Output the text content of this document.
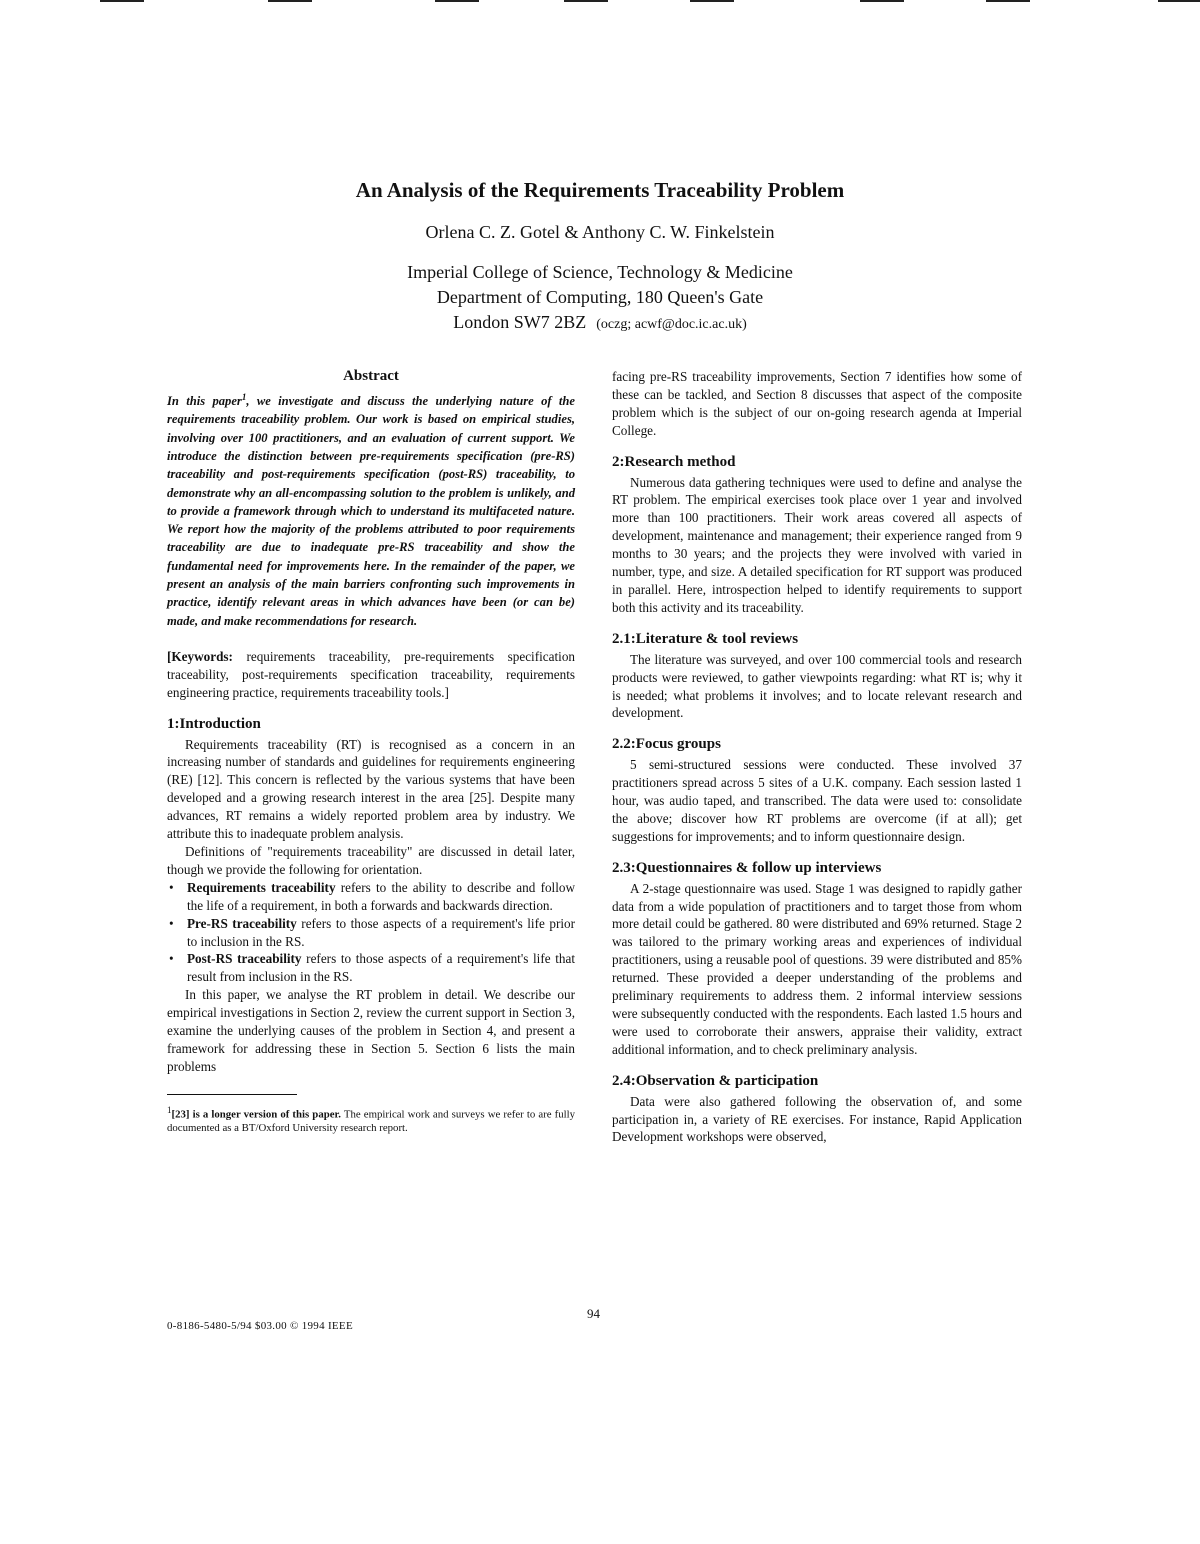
An Analysis of the Requirements Traceability Problem
Orlena C. Z. Gotel & Anthony C. W. Finkelstein
Imperial College of Science, Technology & Medicine
Department of Computing, 180 Queen's Gate
London SW7 2BZ (oczg; acwf@doc.ic.ac.uk)
Abstract

In this paper$^1$, we investigate and discuss the underlying nature of the requirements traceability problem. Our work is based on empirical studies, involving over 100 practitioners, and an evaluation of current support. We introduce the distinction between pre-requirements specification (pre-RS) traceability and post-requirements specification (post-RS) traceability, to demonstrate why an all-encompassing solution to the problem is unlikely, and to provide a framework through which to understand its multifaceted nature. We report how the majority of the problems attributed to poor requirements traceability are due to inadequate pre-RS traceability and show the fundamental need for improvements here. In the remainder of the paper, we present an analysis of the main barriers confronting such improvements in practice, identify relevant areas in which advances have been (or can be) made, and make recommendations for research.

[Keywords: requirements traceability, pre-requirements specification traceability, post-requirements specification traceability, requirements engineering practice, requirements traceability tools.]

1:Introduction

Requirements traceability (RT) is recognised as a concern in an increasing number of standards and guidelines for requirements engineering (RE) [12]. This concern is reflected by the various systems that have been developed and a growing research interest in the area [25]. Despite many advances, RT remains a widely reported problem area by industry. We attribute this to inadequate problem analysis.

Definitions of "requirements traceability" are discussed in detail later, though we provide the following for orientation.

• Requirements traceability refers to the ability to describe and follow the life of a requirement, in both a forwards and backwards direction.
• Pre-RS traceability refers to those aspects of a requirement's life prior to inclusion in the RS.
• Post-RS traceability refers to those aspects of a requirement's life that result from inclusion in the RS.

In this paper, we analyse the RT problem in detail. We describe our empirical investigations in Section 2, review the current support in Section 3, examine the underlying causes of the problem in Section 4, and present a framework for addressing these in Section 5. Section 6 lists the main problems

$^1$[23] is a longer version of this paper. The empirical work and surveys we refer to are fully documented as a BT/Oxford University research report.

facing pre-RS traceability improvements, Section 7 identifies how some of these can be tackled, and Section 8 discusses that aspect of the composite problem which is the subject of our on-going research agenda at Imperial College.

2:Research method

Numerous data gathering techniques were used to define and analyse the RT problem. The empirical exercises took place over 1 year and involved more than 100 practitioners. Their work areas covered all aspects of development, maintenance and management; their experience ranged from 9 months to 30 years; and the projects they were involved with varied in number, type, and size. A detailed specification for RT support was produced in parallel. Here, introspection helped to identify requirements to support both this activity and its traceability.

2.1:Literature & tool reviews

The literature was surveyed, and over 100 commercial tools and research products were reviewed, to gather viewpoints regarding: what RT is; why it is needed; what problems it involves; and to locate relevant research and development.

2.2:Focus groups

5 semi-structured sessions were conducted. These involved 37 practitioners spread across 5 sites of a U.K. company. Each session lasted 1 hour, was audio taped, and transcribed. The data were used to: consolidate the above; discover how RT problems are overcome (if at all); get suggestions for improvements; and to inform questionnaire design.

2.3:Questionnaires & follow up interviews

A 2-stage questionnaire was used. Stage 1 was designed to rapidly gather data from a wide population of practitioners and to target those from whom more detail could be gathered. 80 were distributed and 69% returned. Stage 2 was tailored to the primary working areas and experiences of individual practitioners, using a reusable pool of questions. 39 were distributed and 85% returned. These provided a deeper understanding of the problems and preliminary requirements to address them. 2 informal interview sessions were subsequently conducted with the respondents. Each lasted 1.5 hours and were used to corroborate their answers, appraise their validity, extract additional information, and to check preliminary analysis.

2.4:Observation & participation

Data were also gathered following the observation of, and some participation in, a variety of RE exercises. For instance, Rapid Application Development workshops were observed,

94
0-8186-5480-5/94 $03.00 © 1994 IEEE
